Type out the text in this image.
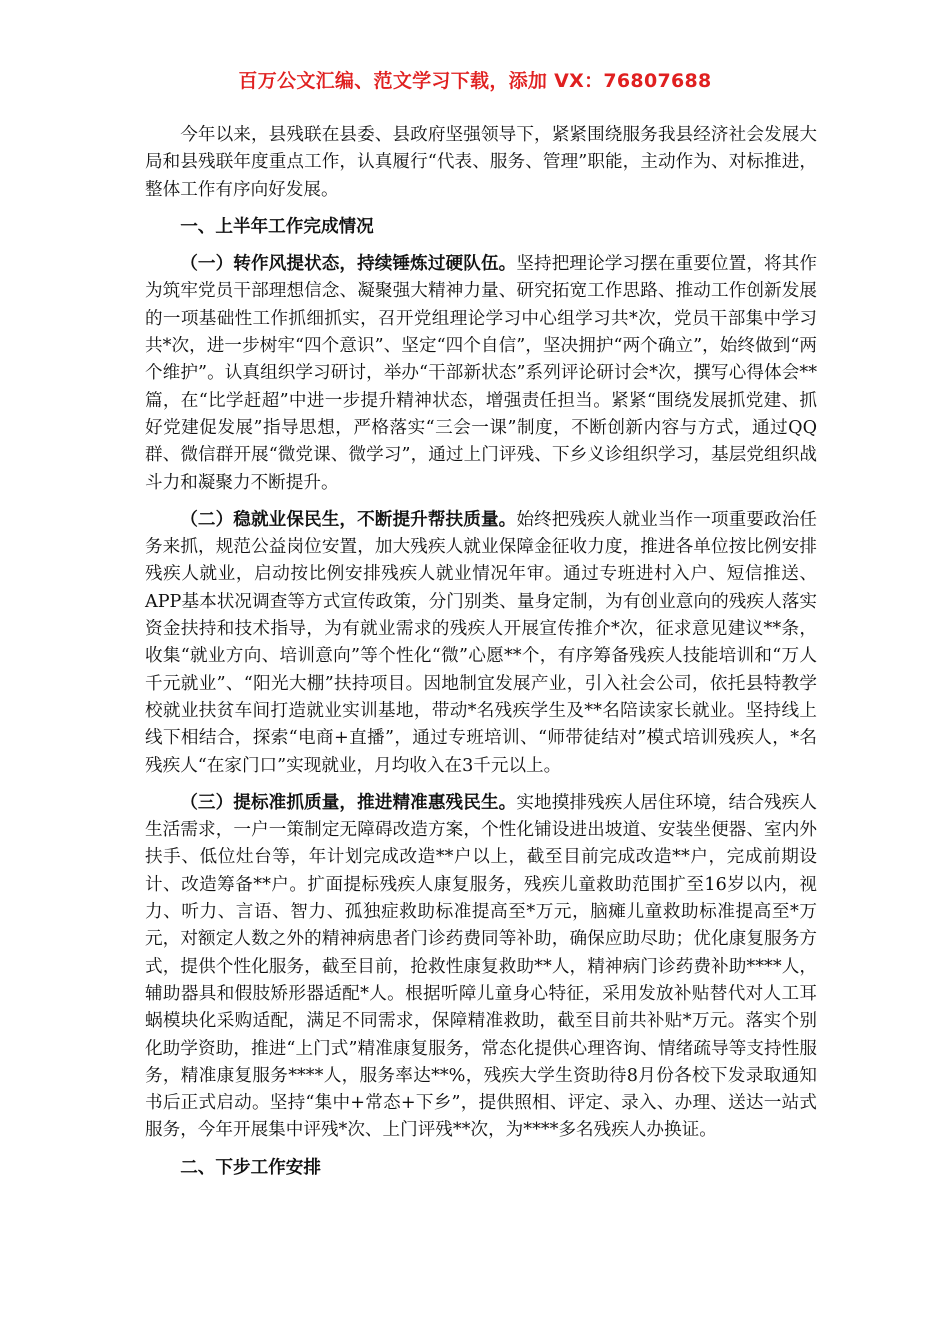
百万公文汇编、范文学习下载，添加 VX：76807688

今年以来，县残联在县委、县政府坚强领导下，紧紧围绕服务我县经济社会发展大局和县残联年度重点工作，认真履行“代表、服务、管理”职能，主动作为、对标推进，整体工作有序向好发展。

一、上半年工作完成情况

（一）转作风提状态，持续锤炼过硬队伍。坚持把理论学习摆在重要位置，将其作为筑牢党员干部理想信念、凝聚强大精神力量、研究拓宽工作思路、推动工作创新发展的一项基础性工作抓细抓实，召开党组理论学习中心组学习共*次，党员干部集中学习共*次，进一步树牢“四个意识”、坚定“四个自信”，坚决拥护“两个确立”，始终做到“两个维护”。认真组织学习研讨，举办“干部新状态”系列评论研讨会*次，撰写心得体会**篇，在“比学赶超”中进一步提升精神状态，增强责任担当。紧紧“围绕发展抓党建、抓好党建促发展”指导思想，严格落实“三会一课”制度，不断创新内容与方式，通过QQ群、微信群开展“微党课、微学习”，通过上门评残、下乡义诊组织学习，基层党组织战斗力和凝聚力不断提升。

（二）稳就业保民生，不断提升帮扶质量。始终把残疾人就业当作一项重要政治任务来抓，规范公益岗位安置，加大残疾人就业保障金征收力度，推进各单位按比例安排残疾人就业，启动按比例安排残疾人就业情况年审。通过专班进村入户、短信推送、APP基本状况调查等方式宣传政策，分门别类、量身定制，为有创业意向的残疾人落实资金扶持和技术指导，为有就业需求的残疾人开展宣传推介*次，征求意见建议**条，收集“就业方向、培训意向”等个性化“微”心愿**个，有序筹备残疾人技能培训和“万人千元就业”、“阳光大棚”扶持项目。因地制宜发展产业，引入社会公司，依托县特教学校就业扶贫车间打造就业实训基地，带动*名残疾学生及**名陪读家长就业。坚持线上线下相结合，探索“电商+直播”，通过专班培训、“师带徒结对”模式培训残疾人，*名残疾人“在家门口”实现就业，月均收入在3千元以上。

（三）提标准抓质量，推进精准惠残民生。实地摸排残疾人居住环境，结合残疾人生活需求，一户一策制定无障碍改造方案，个性化铺设进出坡道、安装坐便器、室内外扶手、低位灶台等，年计划完成改造**户以上，截至目前完成改造**户，完成前期设计、改造筹备**户。扩面提标残疾人康复服务，残疾儿童救助范围扩至16岁以内，视力、听力、言语、智力、孤独症救助标准提高至*万元，脑瘫儿童救助标准提高至*万元，对额定人数之外的精神病患者门诊药费同等补助，确保应助尽助；优化康复服务方式，提供个性化服务，截至目前，抢救性康复救助**人，精神病门诊药费补助****人，辅助器具和假肢矫形器适配*人。根据听障儿童身心特征，采用发放补贴替代对人工耳蜗模块化采购适配，满足不同需求，保障精准救助，截至目前共补贴*万元。落实个别化助学资助，推进“上门式”精准康复服务，常态化提供心理咨询、情绪疏导等支持性服务，精准康复服务****人，服务率达**%，残疾大学生资助待8月份各校下发录取通知书后正式启动。坚持“集中+常态+下乡”，提供照相、评定、录入、办理、送达一站式服务，今年开展集中评残*次、上门评残**次，为****多名残疾人办换证。

二、下步工作安排
